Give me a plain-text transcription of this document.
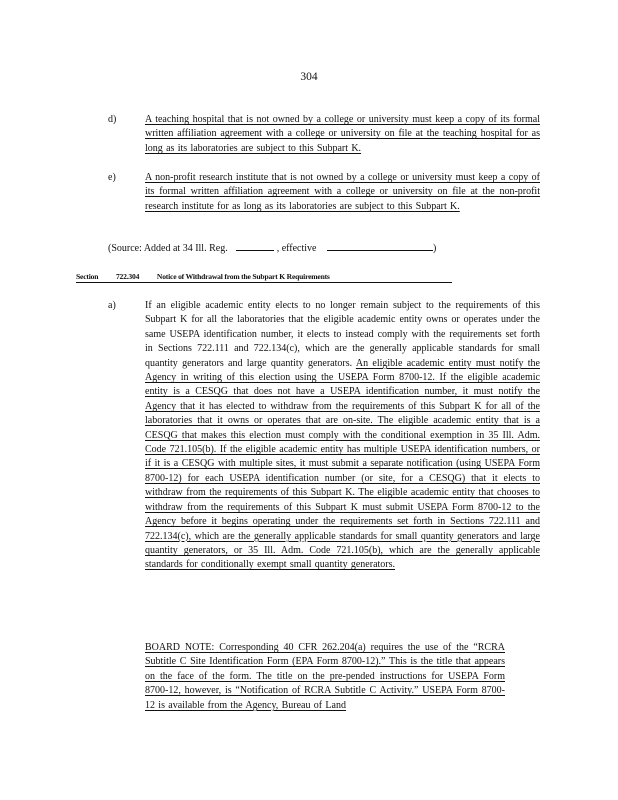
304
d)	A teaching hospital that is not owned by a college or university must keep a copy of its formal written affiliation agreement with a college or university on file at the teaching hospital for as long as its laboratories are subject to this Subpart K.
e)	A non-profit research institute that is not owned by a college or university must keep a copy of its formal written affiliation agreement with a college or university on file at the non-profit research institute for as long as its laboratories are subject to this Subpart K.
(Source: Added at 34 Ill. Reg.	, effective	)
Section 722.304 Notice of Withdrawal from the Subpart K Requirements
a)	If an eligible academic entity elects to no longer remain subject to the requirements of this Subpart K for all the laboratories that the eligible academic entity owns or operates under the same USEPA identification number, it elects to instead comply with the requirements set forth in Sections 722.111 and 722.134(c), which are the generally applicable standards for small quantity generators and large quantity generators. An eligible academic entity must notify the Agency in writing of this election using the USEPA Form 8700-12. If the eligible academic entity is a CESQG that does not have a USEPA identification number, it must notify the Agency that it has elected to withdraw from the requirements of this Subpart K for all of the laboratories that it owns or operates that are on-site. The eligible academic entity that is a CESQG that makes this election must comply with the conditional exemption in 35 Ill. Adm. Code 721.105(b). If the eligible academic entity has multiple USEPA identification numbers, or if it is a CESQG with multiple sites, it must submit a separate notification (using USEPA Form 8700-12) for each USEPA identification number (or site, for a CESQG) that it elects to withdraw from the requirements of this Subpart K. The eligible academic entity that chooses to withdraw from the requirements of this Subpart K must submit USEPA Form 8700-12 to the Agency before it begins operating under the requirements set forth in Sections 722.111 and 722.134(c), which are the generally applicable standards for small quantity generators and large quantity generators, or 35 Ill. Adm. Code 721.105(b), which are the generally applicable standards for conditionally exempt small quantity generators.
BOARD NOTE: Corresponding 40 CFR 262.204(a) requires the use of the “RCRA Subtitle C Site Identification Form (EPA Form 8700-12).” This is the title that appears on the face of the form. The title on the pre-pended instructions for USEPA Form 8700-12, however, is “Notification of RCRA Subtitle C Activity.” USEPA Form 8700-12 is available from the Agency, Bureau of Land
